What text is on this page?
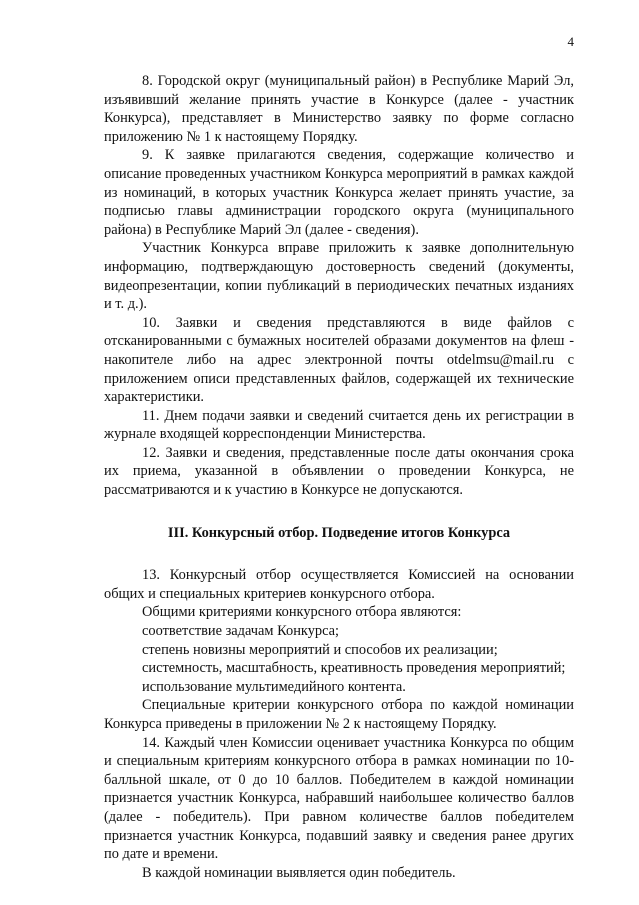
4

8. Городской округ (муниципальный район) в Республике Марий Эл, изъявивший желание принять участие в Конкурсе (далее - участник Конкурса), представляет в Министерство заявку по форме согласно приложению № 1 к настоящему Порядку.

9. К заявке прилагаются сведения, содержащие количество и описание проведенных участником Конкурса мероприятий в рамках каждой из номинаций, в которых участник Конкурса желает принять участие, за подписью главы администрации городского округа (муниципального района) в Республике Марий Эл (далее - сведения).

Участник Конкурса вправе приложить к заявке дополнительную информацию, подтверждающую достоверность сведений (документы, видеопрезентации, копии публикаций в периодических печатных изданиях и т. д.).

10. Заявки и сведения представляются в виде файлов с отсканированными с бумажных носителей образами документов на флеш - накопителе либо на адрес электронной почты otdelmsu@mail.ru с приложением описи представленных файлов, содержащей их технические характеристики.

11. Днем подачи заявки и сведений считается день их регистрации в журнале входящей корреспонденции Министерства.

12. Заявки и сведения, представленные после даты окончания срока их приема, указанной в объявлении о проведении Конкурса, не рассматриваются и к участию в Конкурсе не допускаются.

III. Конкурсный отбор. Подведение итогов Конкурса

13. Конкурсный отбор осуществляется Комиссией на основании общих и специальных критериев конкурсного отбора.

Общими критериями конкурсного отбора являются:

соответствие задачам Конкурса;

степень новизны мероприятий и способов их реализации;

системность, масштабность, креативность проведения мероприятий;

использование мультимедийного контента.

Специальные критерии конкурсного отбора по каждой номинации Конкурса приведены в приложении № 2 к настоящему Порядку.

14. Каждый член Комиссии оценивает участника Конкурса по общим и специальным критериям конкурсного отбора в рамках номинации по 10-балльной шкале, от 0 до 10 баллов. Победителем в каждой номинации признается участник Конкурса, набравший наибольшее количество баллов (далее - победитель). При равном количестве баллов победителем признается участник Конкурса, подавший заявку и сведения ранее других по дате и времени.

В каждой номинации выявляется один победитель.
